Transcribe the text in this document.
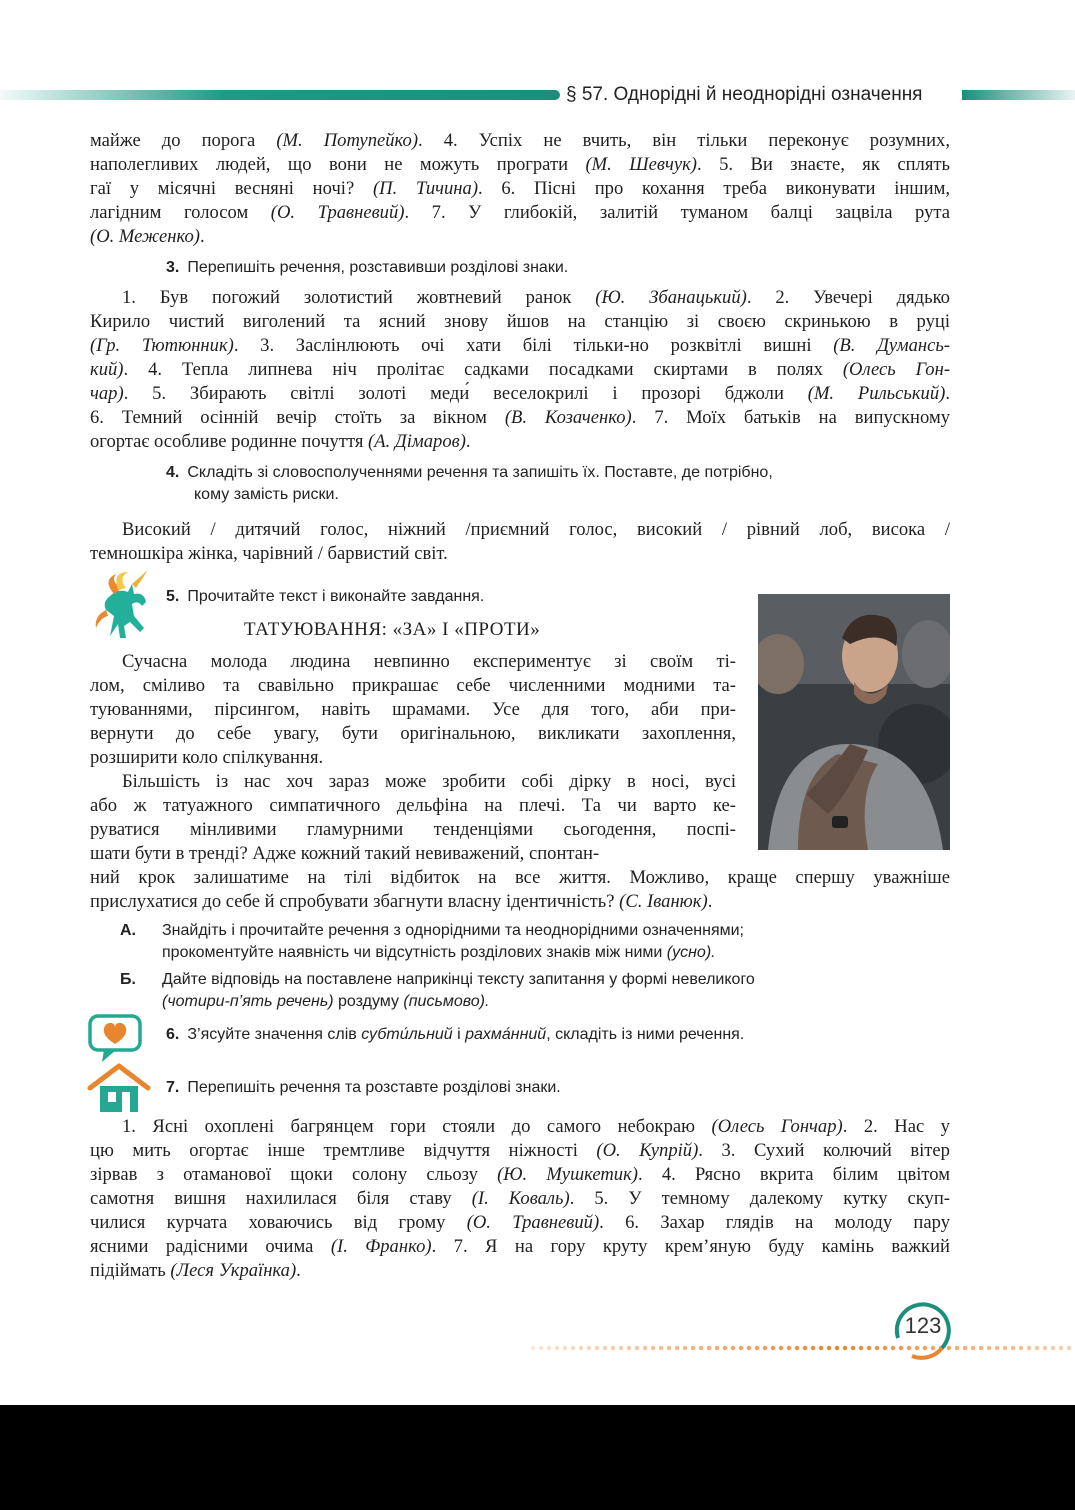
§ 57. Однорідні й неоднорідні означення
майже до порога (М. Потупейко). 4. Успіх не вчить, він тільки переконує розумних,
наполегливих людей, що вони не можуть програти (М. Шевчук). 5. Ви знаєте, як сплять
гаї у місячні весняні ночі? (П. Тичина). 6. Пісні про кохання треба виконувати іншим,
лагідним голосом (О. Травневий). 7. У глибокій, залитій туманом балці зацвіла рута
(О. Меженко).
3. Перепишіть речення, розставивши розділові знаки.
1. Був погожий золотистий жовтневий ранок (Ю. Збанацький). 2. Увечері дядько
Кирило чистий виголений та ясний знову йшов на станцію зі своєю скринькою в руці
(Гр. Тютюнник). 3. Заслінлюють очі хати білі тільки-но розквітлі вишні (В. Думансь-
кий). 4. Тепла липнева ніч пролітає садками посадками скиртами в полях (Олесь Гон-
чар). 5. Збирають світлі золоті меди́ веселокрилі і прозорі бджоли (М. Рильський).
6. Темний осінній вечір стоїть за вікном (В. Козаченко). 7. Моїх батьків на випускному
огортає особливе родинне почуття (А. Дімаров).
4. Складіть зі словосполученнями речення та запишіть їх. Поставте, де потрібно,
кому замість риски.
Високий / дитячий голос, ніжний /приємний голос, високий / рівний лоб, висока /
темношкіра жінка, чарівний / барвистий світ.
5. Прочитайте текст і виконайте завдання.
ТАТУЮВАННЯ: «ЗА» І «ПРОТИ»
Сучасна молода людина невпинно експериментує зі своїм ті-
лом, сміливо та свавільно прикрашає себе численними модними та-
туюваннями, пірсингом, навіть шрамами. Усе для того, аби при-
вернути до себе увагу, бути оригінальною, викликати захоплення,
розширити коло спілкування.
Більшість із нас хоч зараз може зробити собі дірку в носі, вусі
або ж татуажного симпатичного дельфіна на плечі. Та чи варто ке-
руватися мінливими гламурними тенденціями сьогодення, поспі-
шати бути в тренді? Адже кожний такий невиважений, спонтан-
ний крок залишатиме на тілі відбиток на все життя. Можливо, краще спершу уважніше
прислухатися до себе й спробувати збагнути власну ідентичність? (С. Іванюк).
А. Знайдіть і прочитайте речення з однорідними та неоднорідними означеннями;
прокоментуйте наявність чи відсутність розділових знаків між ними (усно).
Б. Дайте відповідь на поставлене наприкінці тексту запитання у формі невеликого
(чотири-п’ять речень) роздуму (письмово).
6. З’ясуйте значення слів субти́льний і рахма́нний, складіть із ними речення.
7. Перепишіть речення та розставте розділові знаки.
1. Ясні охоплені багрянцем гори стояли до самого небокраю (Олесь Гончар). 2. Нас у
цю мить огортає інше тремтливе відчуття ніжності (О. Купрій). 3. Сухий колючий вітер
зірвав з отаманової щоки солону сльозу (Ю. Мушкетик). 4. Рясно вкрита білим цвітом
самотня вишня нахилилася біля ставу (І. Коваль). 5. У темному далекому кутку скуп-
чилися курчата ховаючись від грому (О. Травневий). 6. Захар глядів на молоду пару
ясними радісними очима (І. Франко). 7. Я на гору круту крем’яную буду камінь важкий
підіймать (Леся Українка).
123
